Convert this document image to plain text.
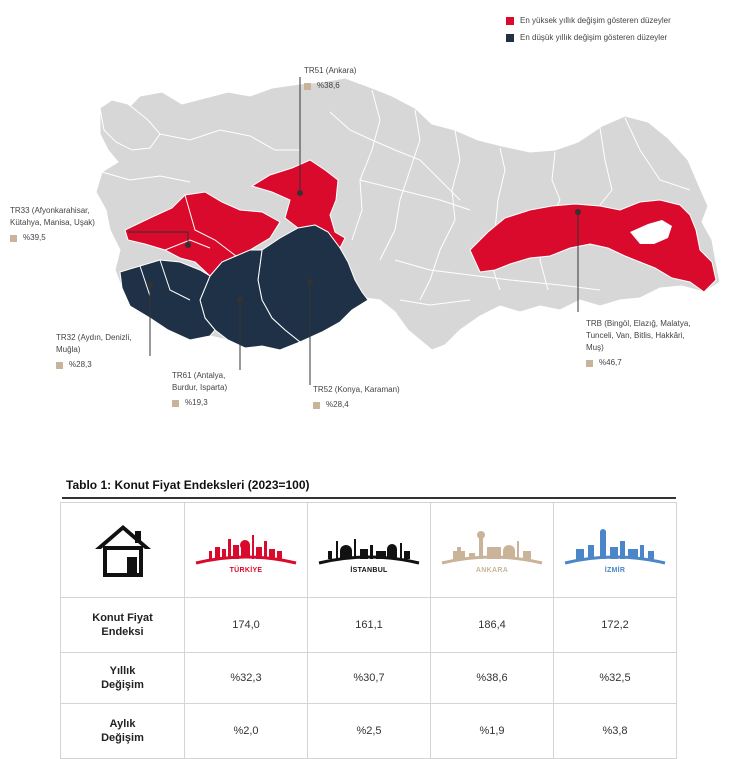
En yüksek yıllık değişim gösteren düzeyler
En düşük yıllık değişim gösteren düzeyler
TR51 (Ankara)
%38,6
TR33 (Afyonkarahisar,
Kütahya, Manisa, Uşak)
%39,5
TR32 (Aydın, Denizli,
Muğla)
%28,3
TR61 (Antalya,
Burdur, Isparta)
%19,3
TR52 (Konya, Karaman)
%28,4
TRB (Bingöl, Elazığ, Malatya,
Tunceli, Van, Bitlis, Hakkâri,
Muş)
%46,7
Tablo 1: Konut Fiyat Endeksleri (2023=100)

TÜRKİYE	İSTANBUL	ANKARA	İZMİR

Konut Fiyat
Endeksi	174,0	161,1	186,4	172,2

Yıllık
Değişim	%32,3	%30,7	%38,6	%32,5

Aylık
Değişim	%2,0	%2,5	%1,9	%3,8
